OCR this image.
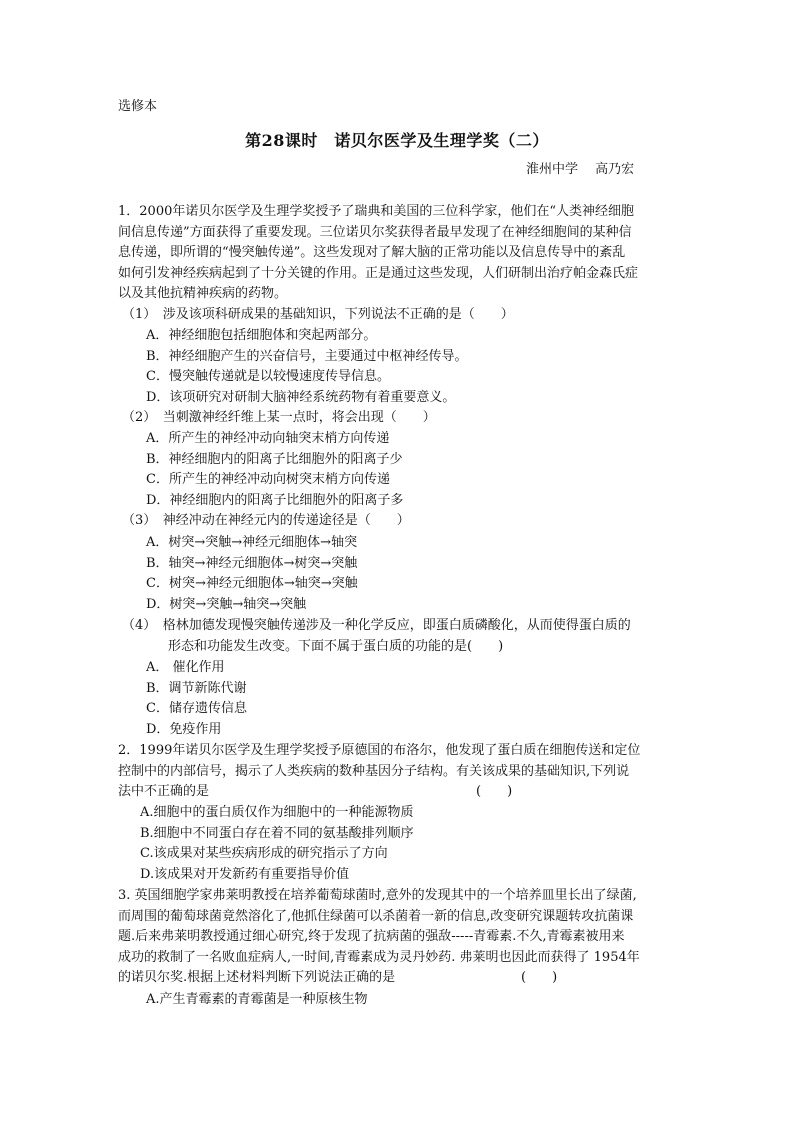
选修本
第28课时　诺贝尔医学及生理学奖（二）
淮州中学　 高乃宏
1．2000年诺贝尔医学及生理学奖授予了瑞典和美国的三位科学家，他们在“人类神经细胞
间信息传递”方面获得了重要发现。三位诺贝尔奖获得者最早发现了在神经细胞间的某种信
息传递，即所谓的“慢突触传递”。这些发现对了解大脑的正常功能以及信息传导中的紊乱
如何引发神经疾病起到了十分关键的作用。正是通过这些发现，人们研制出治疗帕金森氏症
以及其他抗精神疾病的药物。
（1）　涉及该项科研成果的基础知识，下列说法不正确的是（　　）
A．神经细胞包括细胞体和突起两部分。
B．神经细胞产生的兴奋信号，主要通过中枢神经传导。
C．慢突触传递就是以较慢速度传导信息。
D．该项研究对研制大脑神经系统药物有着重要意义。
（2）　当刺激神经纤维上某一点时，将会出现（　　）
A．所产生的神经冲动向轴突末梢方向传递
B．神经细胞内的阳离子比细胞外的阳离子少
C．所产生的神经冲动向树突末梢方向传递
D．神经细胞内的阳离子比细胞外的阳离子多
（3）　神经冲动在神经元内的传递途径是（　　）
A．树突→突触→神经元细胞体→轴突
B．轴突→神经元细胞体→树突→突触
C．树突→神经元细胞体→轴突→突触
D．树突→突触→轴突→突触
（4）　格林加德发现慢突触传递涉及一种化学反应，即蛋白质磷酸化，从而使得蛋白质的
形态和功能发生改变。下面不属于蛋白质的功能的是(　　)
A． 催化作用
B．调节新陈代谢
C．储存遗传信息
D．免疫作用
2．1999年诺贝尔医学及生理学奖授予原德国的布洛尔，他发现了蛋白质在细胞传送和定位
控制中的内部信号，揭示了人类疾病的数种基因分子结构。有关该成果的基础知识,下列说
法中不正确的是	(　　)
A.细胞中的蛋白质仅作为细胞中的一种能源物质
B.细胞中不同蛋白存在着不同的氨基酸排列顺序
C.该成果对某些疾病形成的研究指示了方向
D.该成果对开发新药有重要指导价值
3. 英国细胞学家弗莱明教授在培养葡萄球菌时,意外的发现其中的一个培养皿里长出了绿菌,
而周围的葡萄球菌竟然溶化了,他抓住绿菌可以杀菌着一新的信息,改变研究课题转攻抗菌课
题.后来弗莱明教授通过细心研究,终于发现了抗病菌的强敌-----青霉素.不久,青霉素被用来
成功的救制了一名败血症病人,一时间,青霉素成为灵丹妙药. 弗莱明也因此而获得了 1954年
的诺贝尔奖.根据上述材料判断下列说法正确的是	(　　)
A.产生青霉素的青霉菌是一种原核生物
